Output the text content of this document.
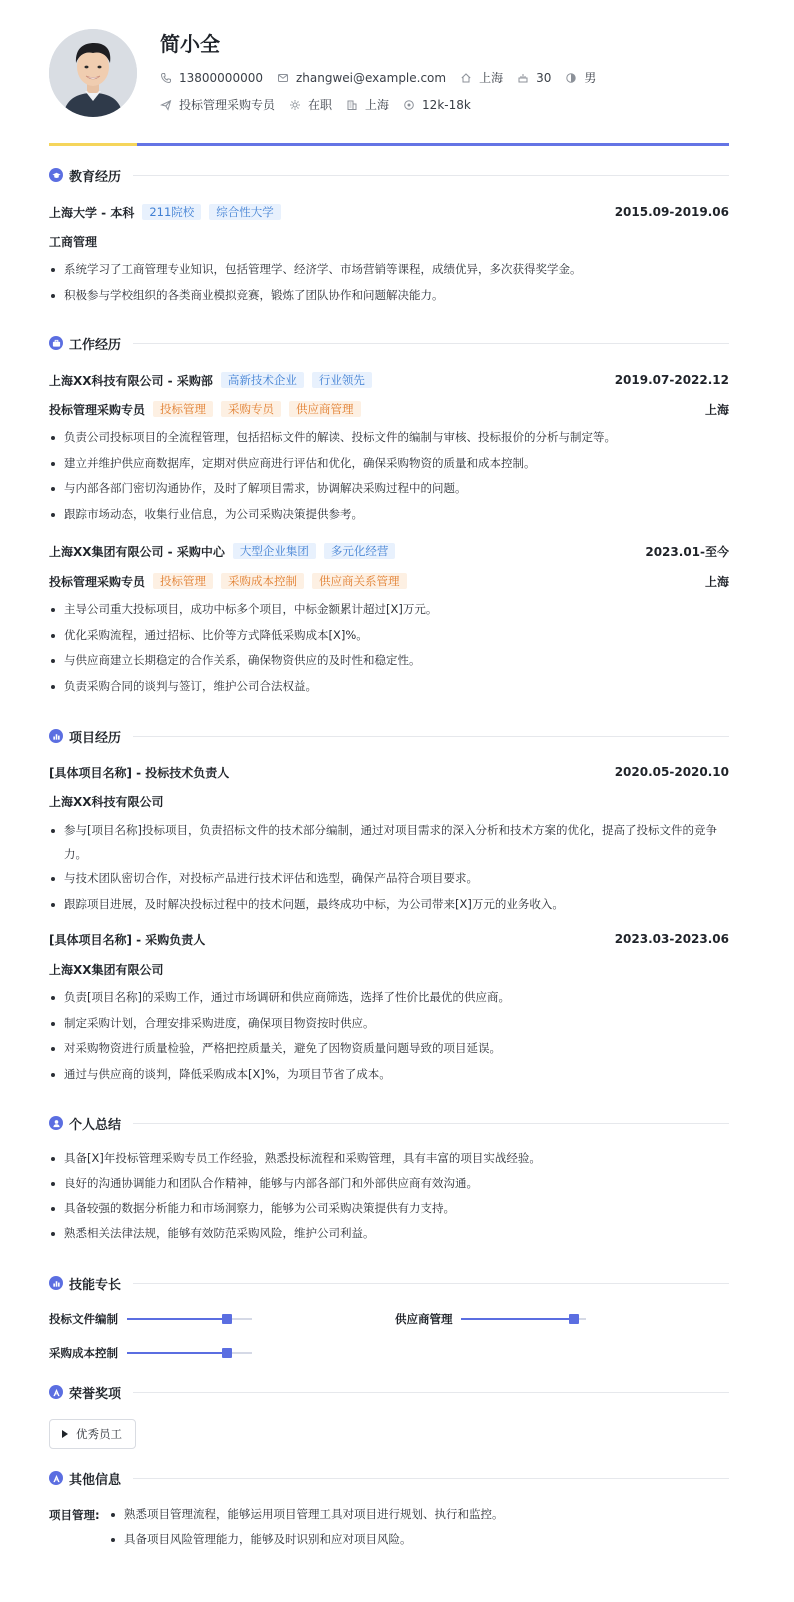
简小全
13800000000	zhangwei@example.com	上海	30	男
投标管理采购专员	在职	上海	12k-18k
教育经历
上海大学 - 本科	211院校	综合性大学	2015.09-2019.06
工商管理
系统学习了工商管理专业知识，包括管理学、经济学、市场营销等课程，成绩优异，多次获得奖学金。
积极参与学校组织的各类商业模拟竞赛，锻炼了团队协作和问题解决能力。
工作经历
上海XX科技有限公司 - 采购部	高新技术企业	行业领先	2019.07-2022.12
投标管理采购专员	投标管理	采购专员	供应商管理	上海
负责公司投标项目的全流程管理，包括招标文件的解读、投标文件的编制与审核、投标报价的分析与制定等。
建立并维护供应商数据库，定期对供应商进行评估和优化，确保采购物资的质量和成本控制。
与内部各部门密切沟通协作，及时了解项目需求，协调解决采购过程中的问题。
跟踪市场动态，收集行业信息，为公司采购决策提供参考。
上海XX集团有限公司 - 采购中心	大型企业集团	多元化经营	2023.01-至今
投标管理采购专员	投标管理	采购成本控制	供应商关系管理	上海
主导公司重大投标项目，成功中标多个项目，中标金额累计超过[X]万元。
优化采购流程，通过招标、比价等方式降低采购成本[X]%。
与供应商建立长期稳定的合作关系，确保物资供应的及时性和稳定性。
负责采购合同的谈判与签订，维护公司合法权益。
项目经历
[具体项目名称] - 投标技术负责人	2020.05-2020.10
上海XX科技有限公司
参与[项目名称]投标项目，负责招标文件的技术部分编制，通过对项目需求的深入分析和技术方案的优化，提高了投标文件的竞争力。
与技术团队密切合作，对投标产品进行技术评估和选型，确保产品符合项目要求。
跟踪项目进展，及时解决投标过程中的技术问题，最终成功中标，为公司带来[X]万元的业务收入。
[具体项目名称] - 采购负责人	2023.03-2023.06
上海XX集团有限公司
负责[项目名称]的采购工作，通过市场调研和供应商筛选，选择了性价比最优的供应商。
制定采购计划，合理安排采购进度，确保项目物资按时供应。
对采购物资进行质量检验，严格把控质量关，避免了因物资质量问题导致的项目延误。
通过与供应商的谈判，降低采购成本[X]%，为项目节省了成本。
个人总结
具备[X]年投标管理采购专员工作经验，熟悉投标流程和采购管理，具有丰富的项目实战经验。
良好的沟通协调能力和团队合作精神，能够与内部各部门和外部供应商有效沟通。
具备较强的数据分析能力和市场洞察力，能够为公司采购决策提供有力支持。
熟悉相关法律法规，能够有效防范采购风险，维护公司利益。
技能专长
投标文件编制	供应商管理
采购成本控制
荣誉奖项
优秀员工
其他信息
项目管理:	熟悉项目管理流程，能够运用项目管理工具对项目进行规划、执行和监控。
具备项目风险管理能力，能够及时识别和应对项目风险。
